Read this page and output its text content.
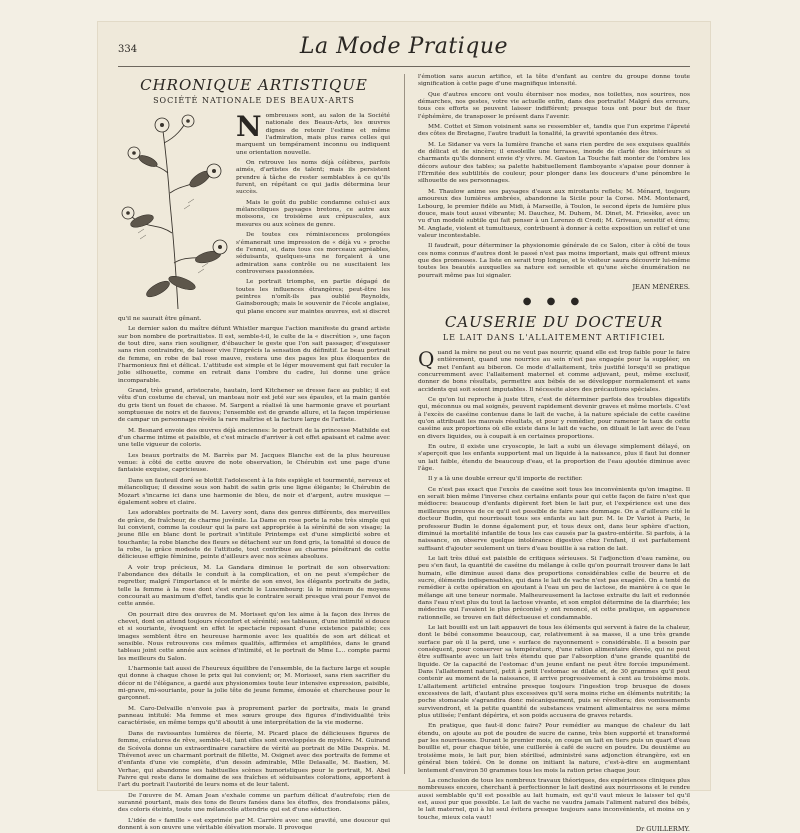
334	La Mode Pratique
CHRONIQUE ARTISTIQUE
SOCIÉTÉ NATIONALE DES BEAUX-ARTS
N ombreuses sont, au salon de la Société nationale des Beaux-Arts, les œuvres dignes de retenir l'estime et même l'admiration, mais plus rares celles qui marquent un tempérament inconnu ou indiquent une orientation nouvelle.

On retrouve les noms déjà célèbres, parfois aimés, d'artistes de talent; mais ils persistent prendre à tâche de rester semblables à ce qu'ils furent, en répétant ce qui jadis détermina leur succès.

Mais le goût du public condamne celui-ci aux mélancoliques paysages bretons, ce autre aux moissons, ce troisième aux crépuscules, aux mesures ou aux scènes de genre.

De toutes ces réminiscences prolongées s'émanerait une impression de « déjà vu » proche de l'ennui, si, dans tous ces morceaux agréables, séduisants, quelques-uns ne forçaient à une admiration sans contrôle ou ne suscitaient les controverses passionnées.

Le portrait triomphe, en partie dégagé de toutes les influences étrangères; peut-être les peintres n'omît-ils pas oublié Reynolds, Gainsborough; mais le souvenir de l'école anglaise, qui plane encore sur maintes œuvres, est si discret qu'il ne saurait être gênant.

Le dernier salon du maître défunt Whistler marque l'action manifeste du grand artiste sur bon nombre de portraitistes. Il est, semble-t-il, le culte de la « discrétion », une façon de tout dire, sans rien souligner, d'ébaucher le geste que l'on sait passager, d'esquisser sans rien contraindre, de laisser vive l'imprécis la sensation du définitif. Le beau portrait de femme, en robe de bal rose mauve, restera une des pages les plus éloquentes de l'harmonieux fini et délicat. L'attitude est simple et le léger mouvement qui fait reculer la jolie silhouette, comme en retrait dans l'ombre du cadre, lui donne une grâce incomparable.

Grand, très grand, aristocrate, hautain, lord Kitchener se dresse face au public; il est vêtu d'un costume de cheval, un manteau noir est jeté sur ses épaules, et la main gantée du gris tient un fouet de chasse. M. Sargent a réalisé là une harmonie grave et pourtant somptueuse de noirs et de fauves; l'ensemble est de grande allure, et la façon impérieuse de campar un personnage révèle la rare maîtrise et la facture large de l'artiste.

M. Besnard envoie des œuvres déjà anciennes: le portrait de la princesse Mathilde est d'un charme intime et paisible, et c'est miracle d'arriver à cet effet apaisant et calme avec une telle vigueur de coloris.

Les beaux portraits de M. Barrès par M. Jacques Blanche est de la plus heureuse venue: à côté de cette œuvre de note observation, le Chérubin est une page d'une fantaisie exquise, capricieuse.

Dans un fauteuil doré se blottit l'adolescent à la fois espiègle et tourmenté, nerveux et mélancolique; il dessine sous son habit de satin gris une ligne élégante; le Chérubin de Mozart s'incarne ici dans une harmonie de bleu, de noir et d'argent, autre musique — également sobre et claire.

Les adorables portraits de M. Lavery sont, dans des genres différents, des merveilles de grâce, de fraîcheur, de charme juvénile. La Dame en rose porte la robe très simple qui lui convient, comme la couleur qui la pare est appropriée à la sérénité de son visage; la jeune fille en blanc dont le portrait s'intitule Printemps est d'une simplicité sobre et touchante; la robe blanche des fleurs se détachent sur un fond gris, la tonalité si douce de la robe, la grâce modeste de l'attitude, tout contribue au charme pénétrant de cette délicieuse effigie féminine, peinte d'ailleurs avec nos scènes absolues.

A voir trop précieux, M. La Gandara diminue le portrait de son observation: l'abondance des détails le conduit à la complication, et on ne peut s'empêcher de regretter, malgré l'importance et le mérite de son envoi, les élégants portraits de jadis, telle la femme à la rose dont s'est enrichi le Luxembourg: là le minimum de moyens concourait au maximum d'effet, tandis que le contraire serait presque vrai pour l'envoi de cette année.

On pourrait dire des œuvres de M. Morisset qu'on les aime à la façon des livres de chevet, dont on attend toujours réconfort et sérénité; ses tableaux, d'une intimité si douce et si souriante, évoquent en effet le spectacle reposant d'une existence paisible; ces images semblent être en heureuse harmonie avec les qualités de son art délicat et sensible. Nous retrouvons ces mêmes qualités, affirmées et amplifiées, dans le grand tableau joint cette année aux scènes d'intimité, et le portrait de Mme L... compte parmi les meilleurs du Salon.

L'harmonie tait aussi de l'heureux équilibre de l'ensemble, de la facture large et souple qui donne à chaque chose le prix qui lui convient; or, M. Morisset, sans rien sacrifier du décor ni de l'élégance, a gardé aux physionomies toute leur intensive expression, paisible, mi-grave, mi-souriante, pour la jolie tête de jeune femme, émouée et chercheuse pour le garçonnet.

M. Caro-Delvaille n'envoie pas à proprement parler de portraits, mais le grand panneau intitulé: Ma femme et mes sœurs groupe des figures d'individualité très caractérisée, en même temps qu'il aboutit à une interprétation de la vie moderne.

Dans de ravissantes lumières de féerie, M. Picard place de délicieuses figures de femme, créatures de rêve, semble-t-il, tant elles sont enveloppées de mystère. M. Guirand de Scévola donne un extraordinaire caractère de vérité au portrait de Mlle Desprès. M. Thévenot avec un charmant portrait de fillette, M. Osignet avec des portraits de femme et d'enfants d'une vie complète, d'un dessin admirable, Mlle Delasalle, M. Bastien, M. Verhac, qui abandonne ses habituelles scènes humoristiques pour le portrait, M. Abel Faivre qui reste dans le domaine de ses fraîches et séduisantes colorations, apportent à l'art du portrait l'autorité de leurs noms et de leur talent.

De l'œuvre de M. Aman Jean s'exhale comme un parfum délicat d'autrefois; rien de suranné pourtant, mais des tons de fleurs fanées dans les étoffes, des frondaisons pâles, des coloris éteints, toute une mélancolie attendrie qui est d'une séduction.

L'idée de « famille » est exprimée par M. Carrière avec une gravité, une douceur qui donnent à son œuvre une véritable élévation morale. Il provoque

l'émotion sans aucun artifice, et la tête d'enfant au centre du groupe donne toute signification à cette page d'une magnifique intensité.

Que d'autres encore ont voulu éterniser nos modes, nos toilettes, nos sourires, nos démarches, nos gestes, votre vie actuelle enfin, dans des portraits! Malgré des erreurs, tous ces efforts se peuvent laisser indifférent; presque tous ont pour but de fixer l'éphémère, de transposer le présent dans l'avenir.

MM. Cottet et Simon voisinent sans se ressembler et, tandis que l'un exprime l'âpreté des côtes de Bretagne, l'autre traduit la tonalité, la gravité spontanée des êtres.

M. Le Sidaner va vers la lumière franche et sans rien perdre de ses exquises qualités de délicat et de sincère; il ensoleille une terrasse, inonde de clarté des intérieurs si charmants qu'ils donnent envie d'y vivre. M. Gaston La Touche fait monter de l'ombre les décors autour des tables; sa palette habituellement flamboyante s'apaise pour donner à l'Ermitée des subtilités de couleur, pour plonger dans les douceurs d'une pénombre le silhouette de ses personnages.

M. Thaulow anime ses paysages d'eaux aux miroitants reflets; M. Ménard, toujours amoureux des lumières ambrées, abandonne la Sicile pour la Corse. MM. Montenard, Lebourg, le premier fidèle au Midi, à Marseille, à Toulon, le second épris de lumière plus douce, mais tout aussi vibrante; M. Dauchez, M. Duhem, M. Dinet, M. Friesèke, avec un vu d'un modelé subtile qui fait penser à un Lorenzo di Credi; M. Griveau, sensitif et ému; M. Anglade, violent et tumultueux, contribuent à donner à cette exposition un relief et une valeur incontestable.

Il faudrait, pour déterminer la physionomie générale de ce Salon, citer à côté de tous ces noms connus d'autres dont le passé n'est pas moins important, mais qui offrent mieux que des promesses. La liste en serait trop longue, et le visiteur saura découvrir lui-même toutes les beautés auxquelles sa nature est sensible et qu'une sèche énumération ne pourrait même pas lui signaler.

JEAN MÉNÉRES.
● ● ●
CAUSERIE DU DOCTEUR
LE LAIT DANS L'ALLAITEMENT ARTIFICIEL
Q uand la mère ne peut ou ne veut pas nourrir, quand elle est trop faible pour le faire entièrement, quand une nourrice au sein n'est pas engagée pour la suppléer, on met l'enfant au biberon. Ce mode d'allaitement, très justifié lorsqu'il se pratique concurremment avec l'allaitement maternel et comme adjuvant, peut, même exclusif, donner de bons résultats, permettre aux bébés de se développer normalement et sans accidents qui soit soient imputables. Il nécessite alors des précautions spéciales.

Ce qu'on lui reproche à juste titre, c'est de déterminer parfois des troubles digestifs qui, méconnus ou mal soignés, peuvent rapidement devenir graves et même mortels. C'est à l'excès de caséine contenue dans le lait de vache, à la nature spéciale de cette caséine qu'on attribuait les mauvais résultats, et pour y remédier, pour ramener le taux de cette caséine aux proportions où elle existe dans le lait de vache, on diluait le lait avec de l'eau en divers liquides, ou à coupait à en certaines proportions.

En outre, il existe une cryoscopie, le lait a subi un élevage simplement délayé, on s'aperçoit que les enfants supportent mal un liquide à la naissance, plus il faut lui donner un lait faible, étendu de beaucoup d'eau, et la proportion de l'eau ajoutée diminue avec l'âge.

Il y a là une double erreur qu'il importe de rectifier.

Ce n'est pas exact que l'excès de caséine soit tous les inconvénients qu'on imagine. Il en serait bien même l'inverse chez certains enfants pour qui cette façon de faire n'est que médiocre: beaucoup d'enfants digèrent fort bien le lait pur, et l'expérience est une des meilleures preuves de ce qu'il est possible de faire sans dommage. On a d'ailleurs cité le docteur Budin, qui nourrissait tous ses enfants au lait pur. M. le Dr Variot à Paris, le professeur Budin le donne également pur, et tous deux ont, dans leur sphère d'action, diminué la mortalité infantile de tous les cas causés par la gastro-entérite. Si parfois, à la naissance, on observe quelque intolérance digestive chez l'enfant, il est parfaitement suffisant d'ajouter seulement un tiers d'eau bouillie à sa ration de lait.

Le lait très dilué est paisible de critiques sérieuses. Si l'adjonction d'eau ramène, ou peu s'en faut, la quantité de caséine du mélange à celle qu'on pourrait trouver dans le lait humain, elle diminue aussi dans des proportions considérables celle de beurre et de sucre, éléments indispensables, qui dans le lait de vache n'est pas exagéré. On a tenté de remédier à cette opération en ajoutant à l'eau un peu de lactose, de manière à ce que le mélange ait une teneur normale. Malheureusement la lactose extraite du lait et redonnée dans l'eau n'est plus du tout la lactose vivante, et son emploi détermine de la diarrhée; les médecins qui l'avaient le plus préconisé y ont renoncé, et cette pratique, en apparence rationnelle, se trouve en fait défectueuse et condamnable.

Le lait bouilli est un lait appauvri de tous les éléments qui servent à faire de la chaleur, dont le bébé consomme beaucoup, car, relativement à sa masse, il a une très grande surface par où il la perd, une « surface de rayonnement » considérable. Il a besoin par conséquent, pour conserver sa température, d'une ration alimentaire élevée, qui ne peut être suffisante avec un lait très étendu que par l'absorption d'une grande quantité de liquide. Or la capacité de l'estomac d'un jeune enfant ne peut être forcée impunément. Dans l'allaitement naturel, petit à petit l'estomac se dilate et, de 30 grammes qu'il peut contenir au moment de la naissance, il arrive progressivement à cent au troisième mois. L'allaitement artificiel entraîne presque toujours l'ingestion trop brusque de doses excessives de lait, d'autant plus excessives qu'il sera moins riche en éléments nutritifs; la poche stomacale s'agrandira donc mécaniquement, puis se révoltera; des vomissements survivendront, et la petite quantité de substances vraiment alimentaires ne sera même plus utilisée; l'enfant dépérira, et son poids accusera de graves retards.

En pratique, que faut-il donc faire? Pour remédier au manque de chaleur du lait étendu, on ajoute au pot de poudre de sucre de canne, très bien supporté et transformé par les nourrissons. Durant le premier mois, on coupe un lait en tiers puis un quart d'eau bouillie et, pour chaque tétée, une cuillerée à café de sucre en poudre. Du deuxième au troisième mois, le lait pur, bien stérilisé, administré sans adjonction étrangère, est en général bien toléré. On le donne on initiant la nature, c'est-à-dire en augmentant lentement d'environ 50 grammes tous les mois la ration prise chaque jour.

La conclusion de tous les nombreux travaux théoriques, des expériences cliniques plus nombreuses encore, cherchant à perfectionner le lait destiné aux nourrissons et le rendre aussi semblable qu'il est possible au lait humain, est qu'il vaut mieux le laisser tel qu'il est, aussi pur que possible. Le lait de vache ne vaudra jamais l'aliment naturel des bébés, le lait maternel, qui à lui seul évitera presque toujours sans inconvénients, et moins on y touche, mieux cela vaut!

Dr GUILLERMY.
